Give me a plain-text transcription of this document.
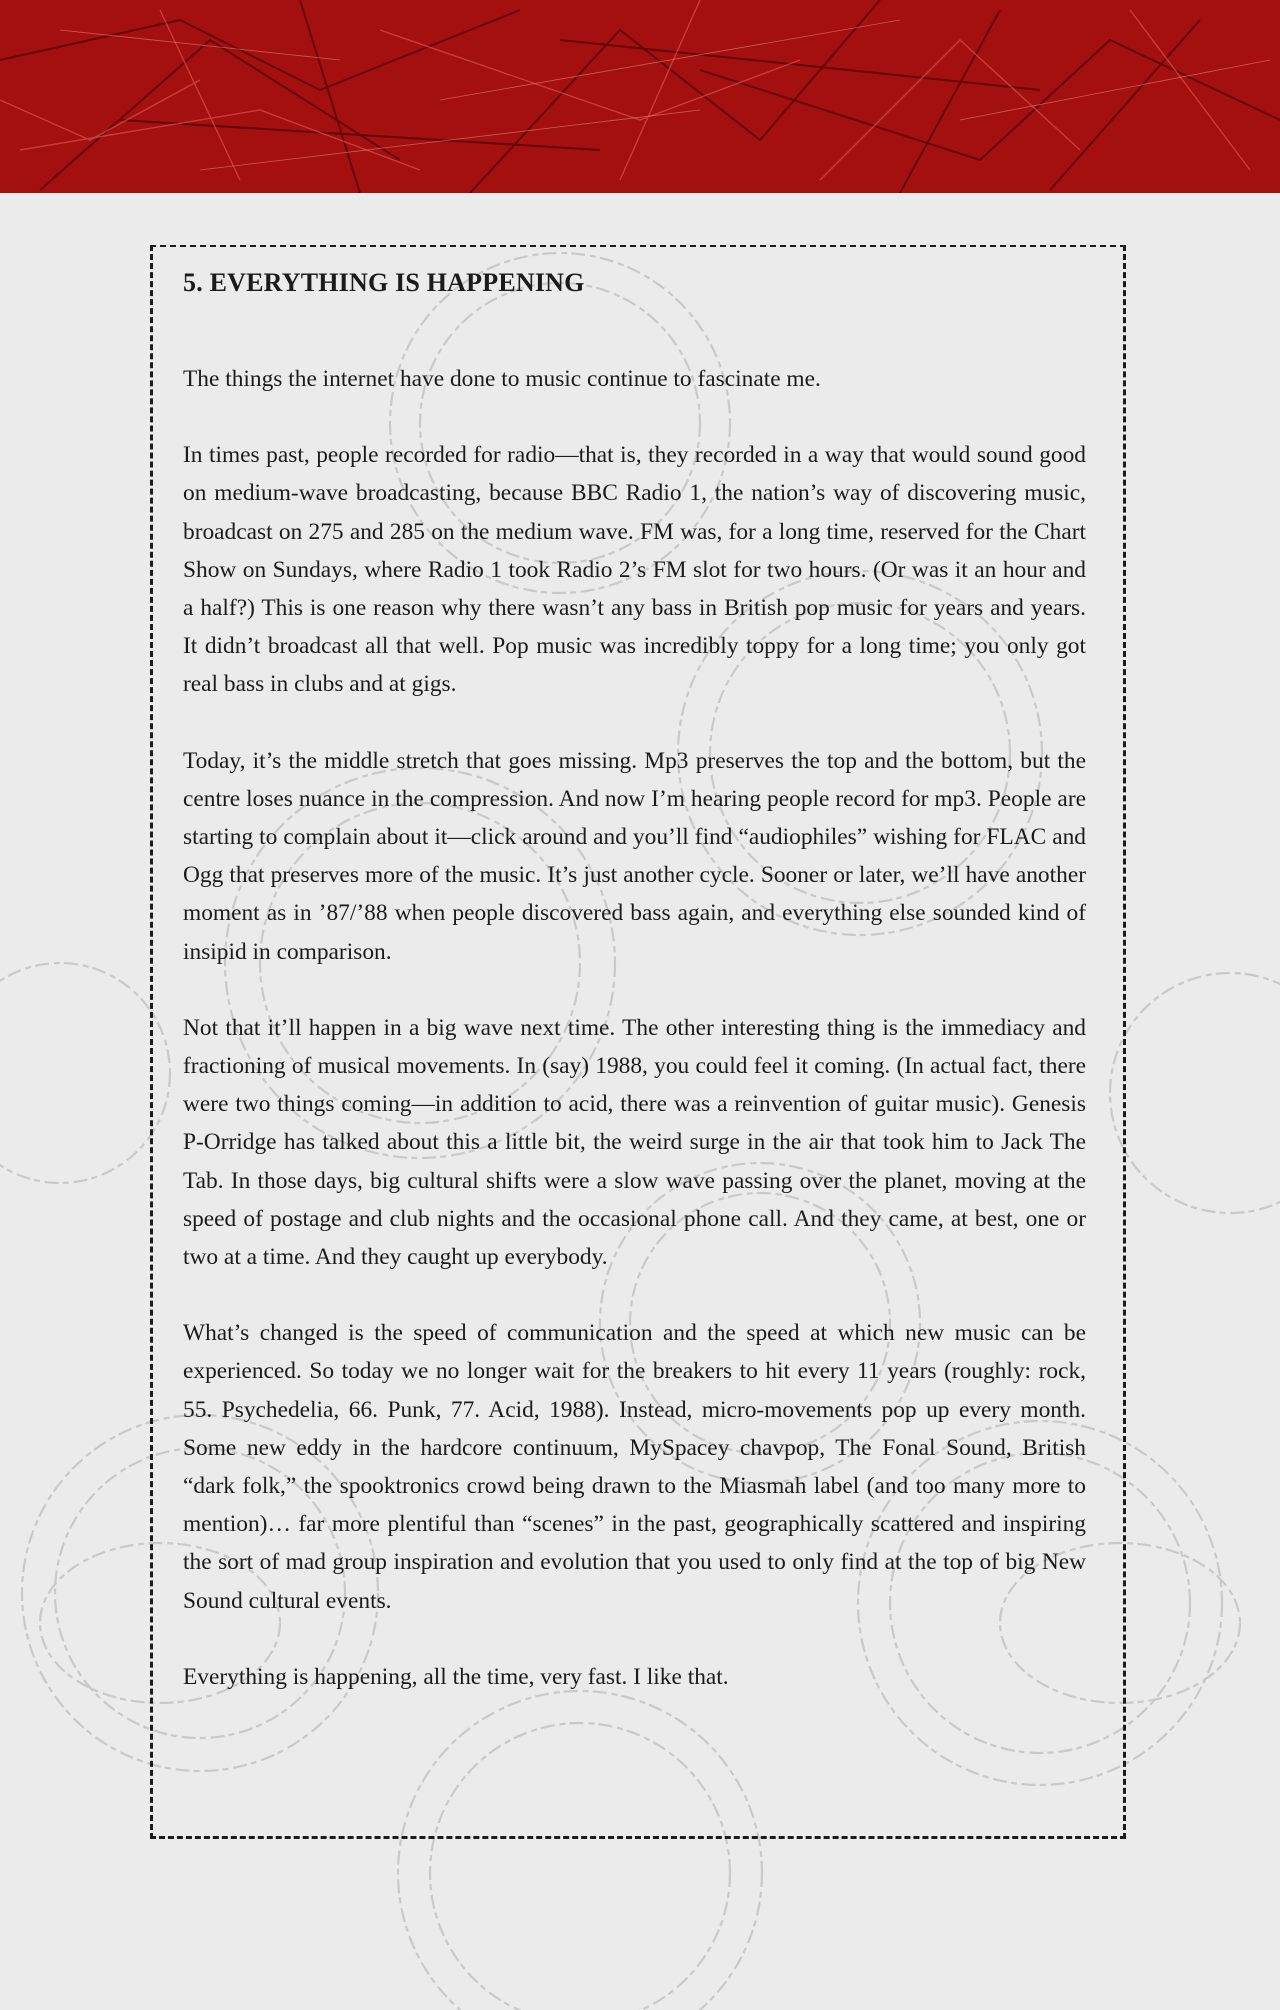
5. EVERYTHING IS HAPPENING

The things the internet have done to music continue to fascinate me.

In times past, people recorded for radio—that is, they recorded in a way that would sound good on medium-wave broadcasting, because BBC Radio 1, the nation’s way of discovering music, broadcast on 275 and 285 on the medium wave. FM was, for a long time, reserved for the Chart Show on Sundays, where Radio 1 took Radio 2’s FM slot for two hours. (Or was it an hour and a half?) This is one reason why there wasn’t any bass in British pop music for years and years. It didn’t broadcast all that well. Pop music was incredibly toppy for a long time; you only got real bass in clubs and at gigs.

Today, it’s the middle stretch that goes missing. Mp3 preserves the top and the bottom, but the centre loses nuance in the compression. And now I’m hearing people record for mp3. People are starting to complain about it—click around and you’ll find “audiophiles” wishing for FLAC and Ogg that preserves more of the music. It’s just another cycle. Sooner or later, we’ll have another moment as in ’87/’88 when people discovered bass again, and everything else sounded kind of insipid in comparison.

Not that it’ll happen in a big wave next time. The other interesting thing is the immediacy and fractioning of musical movements. In (say) 1988, you could feel it coming. (In actual fact, there were two things coming—in addition to acid, there was a reinvention of guitar music). Genesis P-Orridge has talked about this a little bit, the weird surge in the air that took him to Jack The Tab. In those days, big cultural shifts were a slow wave passing over the planet, moving at the speed of postage and club nights and the occasional phone call. And they came, at best, one or two at a time. And they caught up everybody.

What’s changed is the speed of communication and the speed at which new music can be experienced. So today we no longer wait for the breakers to hit every 11 years (roughly: rock, 55. Psychedelia, 66. Punk, 77. Acid, 1988). Instead, micro-movements pop up every month. Some new eddy in the hardcore continuum, MySpacey chavpop, The Fonal Sound, British “dark folk,” the spooktronics crowd being drawn to the Miasmah label (and too many more to mention)… far more plentiful than “scenes” in the past, geographically scattered and inspiring the sort of mad group inspiration and evolution that you used to only find at the top of big New Sound cultural events.

Everything is happening, all the time, very fast. I like that.
